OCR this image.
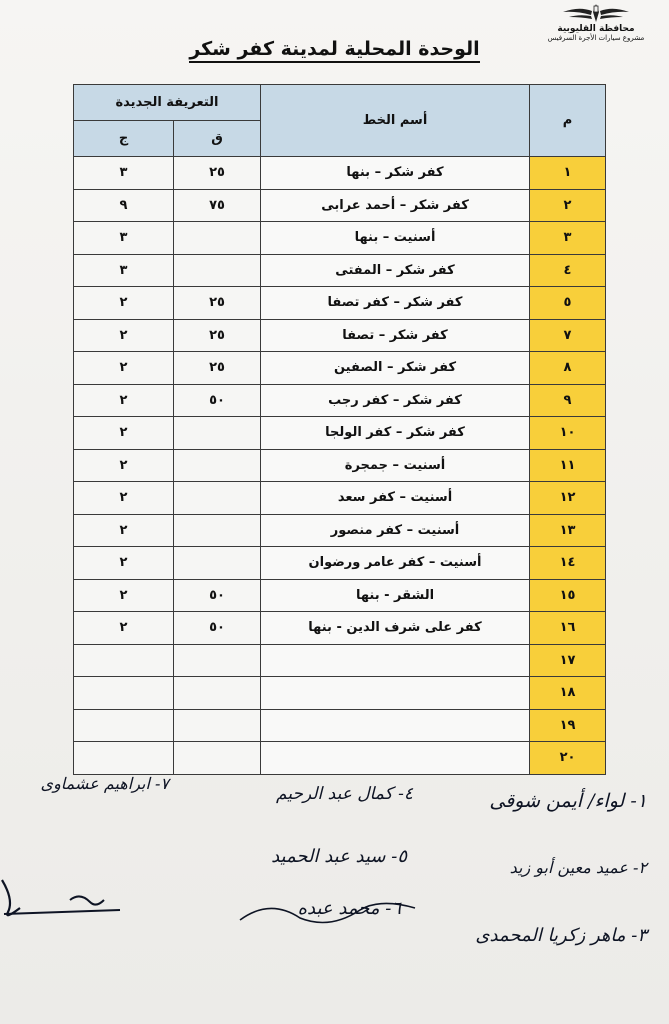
محافظة القليوبية
مشروع سيارات الأجرة السرفيس
الوحدة المحلية لمدينة كفر شكر
م	أسم الخط	التعريفة الجديدة	
		ق	ج
١	كفر شكر – بنها	٢٥	٣
٢	كفر شكر – أحمد عرابى	٧٥	٩
٣	أسنيت – بنها		٣
٤	كفر شكر – المفتى		٣
٥	كفر شكر – كفر تصفا	٢٥	٢
٧	كفر شكر – تصفا	٢٥	٢
٨	كفر شكر – الصفين	٢٥	٢
٩	كفر شكر – كفر رجب	٥٠	٢
١٠	كفر شكر – كفر الولجا		٢
١١	أسنيت – جمجرة		٢
١٢	أسنيت – كفر سعد		٢
١٣	أسنيت – كفر منصور		٢
١٤	أسنيت – كفر عامر ورضوان		٢
١٥	الشقر - بنها	٥٠	٢
١٦	كفر على شرف الدين - بنها	٥٠	٢
١٧			
١٨			
١٩			
٢٠			
١- لواء/ أيمن شوقى
٢- عميد معين أبو زيد
٣- ماهر زكريا المحمدى
٤- كمال عبد الرحيم
٥- سيد عبد الحميد
٦- محمد عبده
٧- ابراهيم عشماوى
